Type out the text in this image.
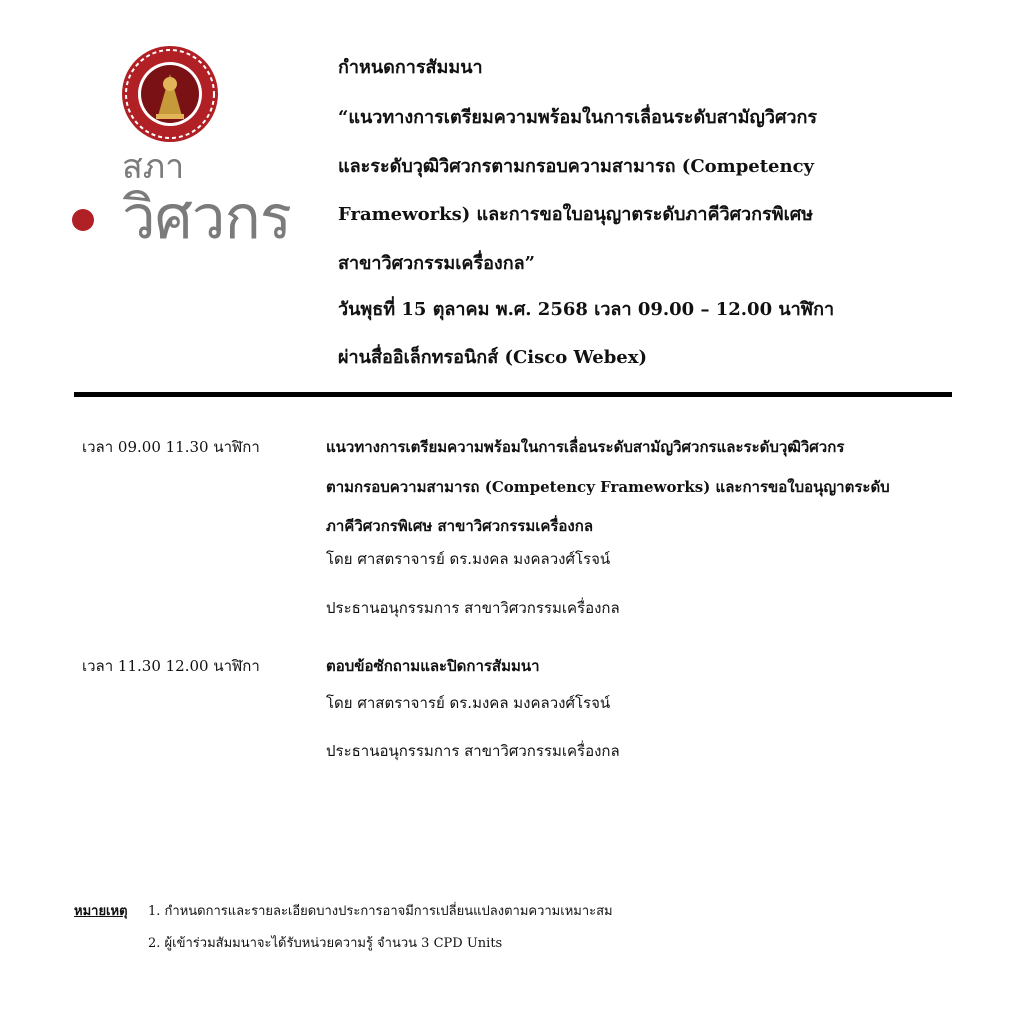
สภา
วิศวกร
กำหนดการสัมมนา
“แนวทางการเตรียมความพร้อมในการเลื่อนระดับสามัญวิศวกร
และระดับวุฒิวิศวกรตามกรอบความสามารถ (Competency
Frameworks) และการขอใบอนุญาตระดับภาคีวิศวกรพิเศษ
สาขาวิศวกรรมเครื่องกล”
วันพุธที่ 15 ตุลาคม พ.ศ. 2568 เวลา 09.00 – 12.00 นาฬิกา
ผ่านสื่ออิเล็กทรอนิกส์ (Cisco Webex)
เวลา 09.00 11.30 นาฬิกา	แนวทางการเตรียมความพร้อมในการเลื่อนระดับสามัญวิศวกรและระดับวุฒิวิศวกร
ตามกรอบความสามารถ (Competency Frameworks) และการขอใบอนุญาตระดับ
ภาคีวิศวกรพิเศษ สาขาวิศวกรรมเครื่องกล
โดย ศาสตราจารย์ ดร.มงคล มงคลวงศ์โรจน์
ประธานอนุกรรมการ สาขาวิศวกรรมเครื่องกล
เวลา 11.30 12.00 นาฬิกา	ตอบข้อซักถามและปิดการสัมมนา
โดย ศาสตราจารย์ ดร.มงคล มงคลวงศ์โรจน์
ประธานอนุกรรมการ สาขาวิศวกรรมเครื่องกล
หมายเหตุ 1. กำหนดการและรายละเอียดบางประการอาจมีการเปลี่ยนแปลงตามความเหมาะสม
2. ผู้เข้าร่วมสัมมนาจะได้รับหน่วยความรู้ จำนวน 3 CPD Units
